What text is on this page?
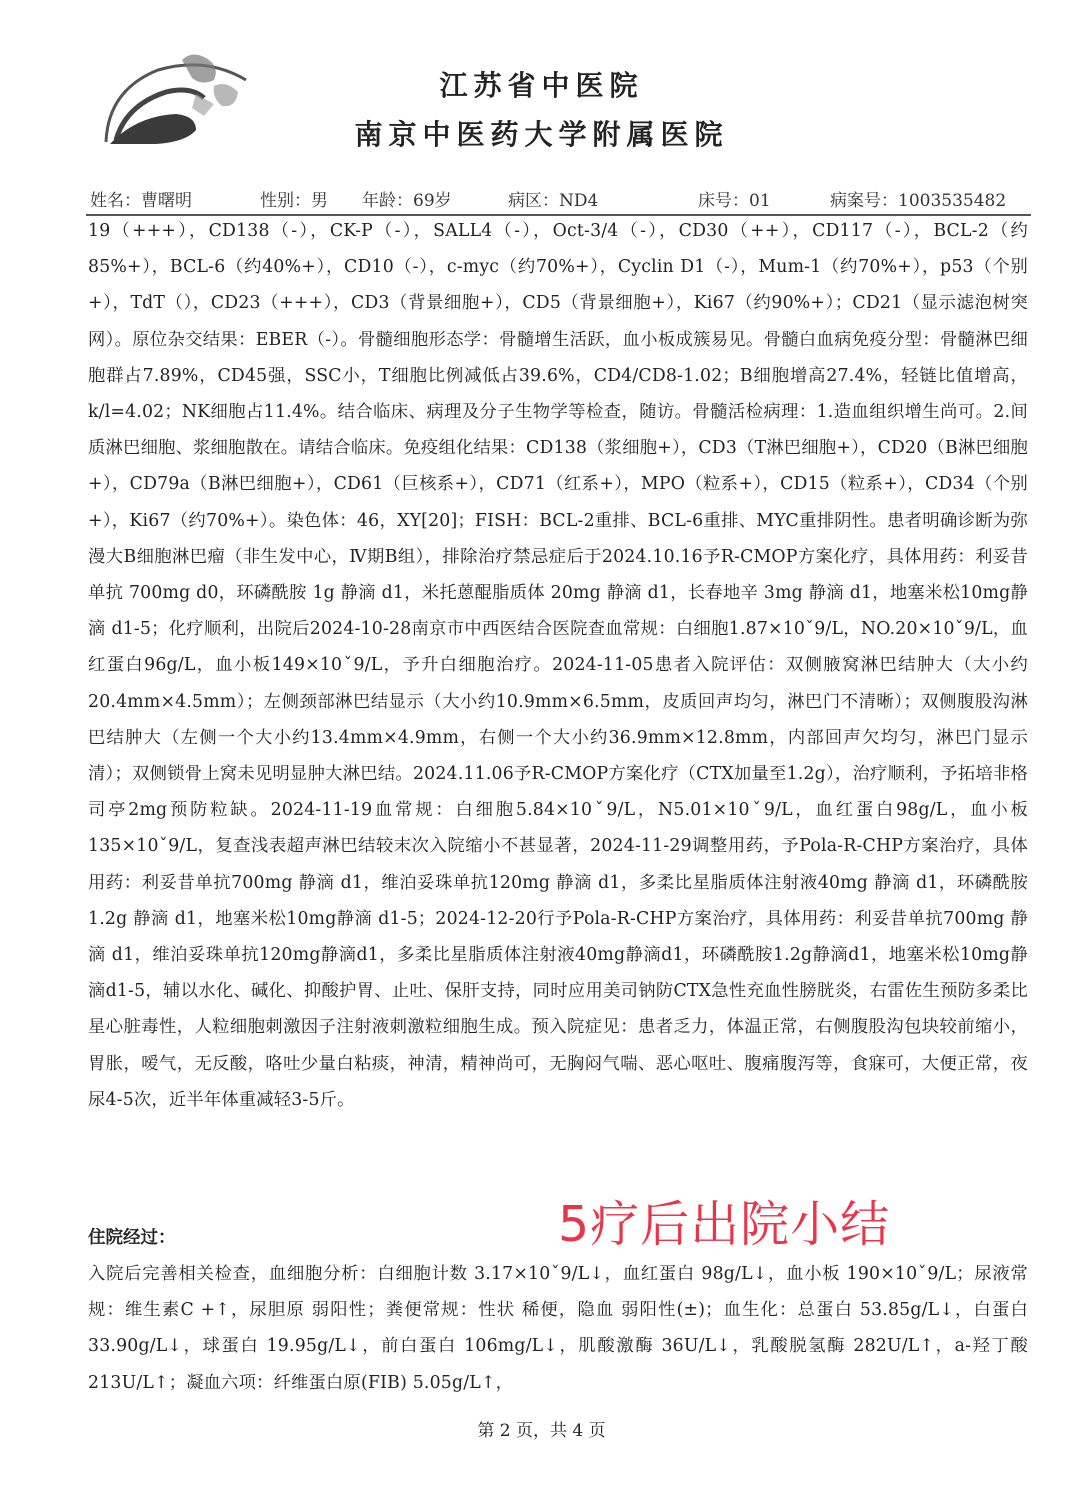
江苏省中医院
南京中医药大学附属医院
姓名：曹曙明	性别：男 年龄：69岁	病区：ND4	床号：01	病案号：1003535482
19（+++），CD138（-），CK-P（-），SALL4（-），Oct-3/4（-），CD30（++），CD117（-），BCL-2（约85%+），BCL-6（约40%+），CD10（-），c-myc（约70%+），Cyclin D1（-），Mum-1（约70%+），p53（个别+），TdT（），CD23（+++），CD3（背景细胞+），CD5（背景细胞+），Ki67（约90%+）；CD21（显示滤泡树突网）。原位杂交结果：EBER（-）。骨髓细胞形态学：骨髓增生活跃，血小板成簇易见。骨髓白血病免疫分型：骨髓淋巴细胞群占7.89%，CD45强，SSC小，T细胞比例减低占39.6%，CD4/CD8-1.02；B细胞增高27.4%，轻链比值增高，k/l=4.02；NK细胞占11.4%。结合临床、病理及分子生物学等检查，随访。骨髓活检病理：1.造血组织增生尚可。2.间质淋巴细胞、浆细胞散在。请结合临床。免疫组化结果：CD138（浆细胞+），CD3（T淋巴细胞+），CD20（B淋巴细胞+），CD79a（B淋巴细胞+），CD61（巨核系+），CD71（红系+），MPO（粒系+），CD15（粒系+），CD34（个别+），Ki67（约70%+）。染色体：46，XY[20]；FISH：BCL-2重排、BCL-6重排、MYC重排阴性。患者明确诊断为弥漫大B细胞淋巴瘤（非生发中心，Ⅳ期B组），排除治疗禁忌症后于2024.10.16予R-CMOP方案化疗，具体用药：利妥昔单抗 700mg d0，环磷酰胺 1g 静滴 d1，米托蒽醌脂质体 20mg 静滴 d1，长春地辛 3mg 静滴 d1，地塞米松10mg静滴 d1-5；化疗顺利，出院后2024-10-28南京市中西医结合医院查血常规：白细胞1.87×10ˇ9/L，NO.20×10ˇ9/L，血红蛋白96g/L，血小板149×10ˇ9/L，予升白细胞治疗。2024-11-05患者入院评估：双侧腋窝淋巴结肿大（大小约20.4mm×4.5mm）；左侧颈部淋巴结显示（大小约10.9mm×6.5mm，皮质回声均匀，淋巴门不清晰）；双侧腹股沟淋巴结肿大（左侧一个大小约13.4mm×4.9mm，右侧一个大小约36.9mm×12.8mm，内部回声欠均匀，淋巴门显示清）；双侧锁骨上窝未见明显肿大淋巴结。2024.11.06予R-CMOP方案化疗（CTX加量至1.2g），治疗顺利，予拓培非格司亭2mg预防粒缺。2024-11-19血常规：白细胞5.84×10ˇ9/L，N5.01×10ˇ9/L，血红蛋白98g/L，血小板135×10ˇ9/L，复查浅表超声淋巴结较末次入院缩小不甚显著，2024-11-29调整用药，予Pola-R-CHP方案治疗，具体用药：利妥昔单抗700mg 静滴 d1，维泊妥珠单抗120mg 静滴 d1，多柔比星脂质体注射液40mg 静滴 d1，环磷酰胺 1.2g 静滴 d1，地塞米松10mg静滴 d1-5；2024-12-20行予Pola-R-CHP方案治疗，具体用药：利妥昔单抗700mg 静滴 d1，维泊妥珠单抗120mg静滴d1，多柔比星脂质体注射液40mg静滴d1，环磷酰胺1.2g静滴d1，地塞米松10mg静滴d1-5，辅以水化、碱化、抑酸护胃、止吐、保肝支持，同时应用美司钠防CTX急性充血性膀胱炎，右雷佐生预防多柔比星心脏毒性，人粒细胞刺激因子注射液刺激粒细胞生成。预入院症见：患者乏力，体温正常，右侧腹股沟包块较前缩小，胃胀，嗳气，无反酸，咯吐少量白粘痰，神清，精神尚可，无胸闷气喘、恶心呕吐、腹痛腹泻等，食寐可，大便正常，夜尿4-5次，近半年体重减轻3-5斤。
5疗后出院小结
住院经过：
入院后完善相关检查，血细胞分析：白细胞计数 3.17×10ˇ9/L↓，血红蛋白 98g/L↓，血小板 190×10ˇ9/L；尿液常规：维生素C +↑，尿胆原 弱阳性；粪便常规：性状 稀便，隐血 弱阳性(±)；血生化：总蛋白 53.85g/L↓，白蛋白 33.90g/L↓，球蛋白 19.95g/L↓，前白蛋白 106mg/L↓，肌酸激酶 36U/L↓，乳酸脱氢酶 282U/L↑，a-羟丁酸 213U/L↑；凝血六项：纤维蛋白原(FIB) 5.05g/L↑，
第 2 页，共 4 页
